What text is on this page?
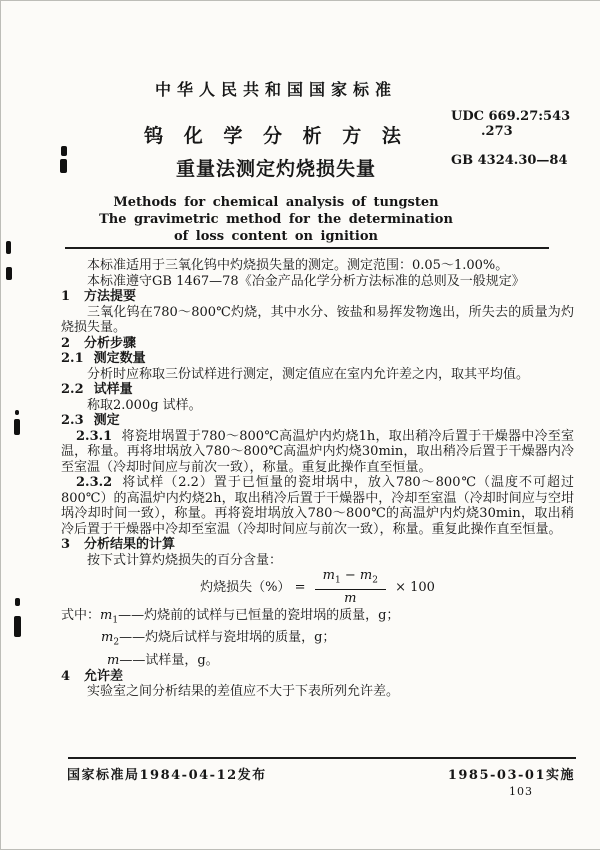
中华人民共和国国家标准
钨 化 学 分 析 方 法
重量法测定灼烧损失量
Methods for chemical analysis of tungsten
The gravimetric method for the determination
of loss content on ignition
UDC 669.27:543
.273
GB 4324.30—84

本标准适用于三氧化钨中灼烧损失量的测定。测定范围：0.05～1.00%。

本标准遵守GB 1467—78《冶金产品化学分析方法标准的总则及一般规定》

1 方法提要

三氧化钨在780～800℃灼烧，其中水分、铵盐和易挥发物逸出，所失去的质量为灼烧损失量。

2 分析步骤

2.1 测定数量

分析时应称取三份试样进行测定，测定值应在室内允许差之内，取其平均值。

2.2 试样量

称取2.000g 试样。

2.3 测定

2.3.1 将瓷坩埚置于780～800℃高温炉内灼烧1h，取出稍冷后置于干燥器中冷至室温，称量。再将坩埚放入780～800℃高温炉内灼烧30min，取出稍冷后置于干燥器内冷至室温（冷却时间应与前次一致），称量。重复此操作直至恒量。

2.3.2 将试样（2.2）置于已恒量的瓷坩埚中，放入780～800℃（温度不可超过800℃）的高温炉内灼烧2h，取出稍冷后置于干燥器中，冷却至室温（冷却时间应与空坩埚冷却时间一致），称量。再将瓷坩埚放入780～800℃的高温炉内灼烧30min，取出稍冷后置于干燥器中冷却至室温（冷却时间应与前次一致），称量。重复此操作直至恒量。

3 分析结果的计算

按下式计算灼烧损失的百分含量：

灼烧损失（%） = $\frac{m_1 - m_2}{m} \times 100$

式中：$m_1——$灼烧前的试样与已恒量的瓷坩埚的质量，g；

$m_2——$灼烧后试样与瓷坩埚的质量，g；

m——试样量，g。

4 允许差

实验室之间分析结果的差值应不大于下表所列允许差。

国家标准局1984-04-12发布	1985-03-01实施
103
